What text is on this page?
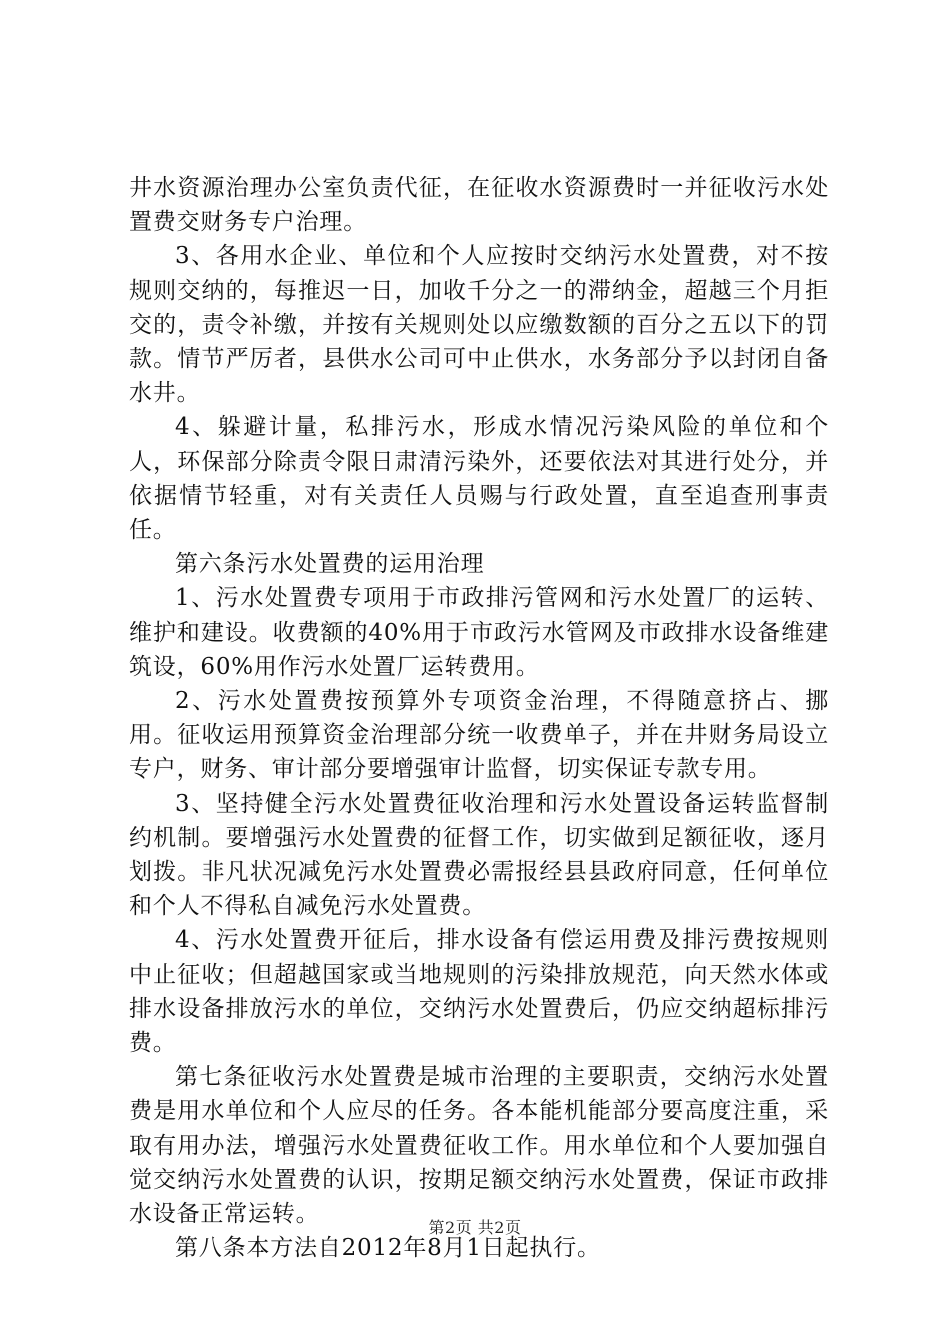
井水资源治理办公室负责代征，在征收水资源费时一并征收污水处置费交财务专户治理。

3、各用水企业、单位和个人应按时交纳污水处置费，对不按规则交纳的，每推迟一日，加收千分之一的滞纳金，超越三个月拒交的，责令补缴，并按有关规则处以应缴数额的百分之五以下的罚款。情节严厉者，县供水公司可中止供水，水务部分予以封闭自备水井。

4、躲避计量，私排污水，形成水情况污染风险的单位和个人，环保部分除责令限日肃清污染外，还要依法对其进行处分，并依据情节轻重，对有关责任人员赐与行政处置，直至追查刑事责任。

第六条污水处置费的运用治理

1、污水处置费专项用于市政排污管网和污水处置厂的运转、维护和建设。收费额的40%用于市政污水管网及市政排水设备维建筑设，60%用作污水处置厂运转费用。

2、污水处置费按预算外专项资金治理，不得随意挤占、挪用。征收运用预算资金治理部分统一收费单子，并在井财务局设立专户，财务、审计部分要增强审计监督，切实保证专款专用。

3、坚持健全污水处置费征收治理和污水处置设备运转监督制约机制。要增强污水处置费的征督工作，切实做到足额征收，逐月划拨。非凡状况减免污水处置费必需报经县县政府同意，任何单位和个人不得私自减免污水处置费。

4、污水处置费开征后，排水设备有偿运用费及排污费按规则中止征收；但超越国家或当地规则的污染排放规范，向天然水体或排水设备排放污水的单位，交纳污水处置费后，仍应交纳超标排污费。

第七条征收污水处置费是城市治理的主要职责，交纳污水处置费是用水单位和个人应尽的任务。各本能机能部分要高度注重，采取有用办法，增强污水处置费征收工作。用水单位和个人要加强自觉交纳污水处置费的认识，按期足额交纳污水处置费，保证市政排水设备正常运转。

第八条本方法自2012年8月1日起执行。

第2页 共2页
